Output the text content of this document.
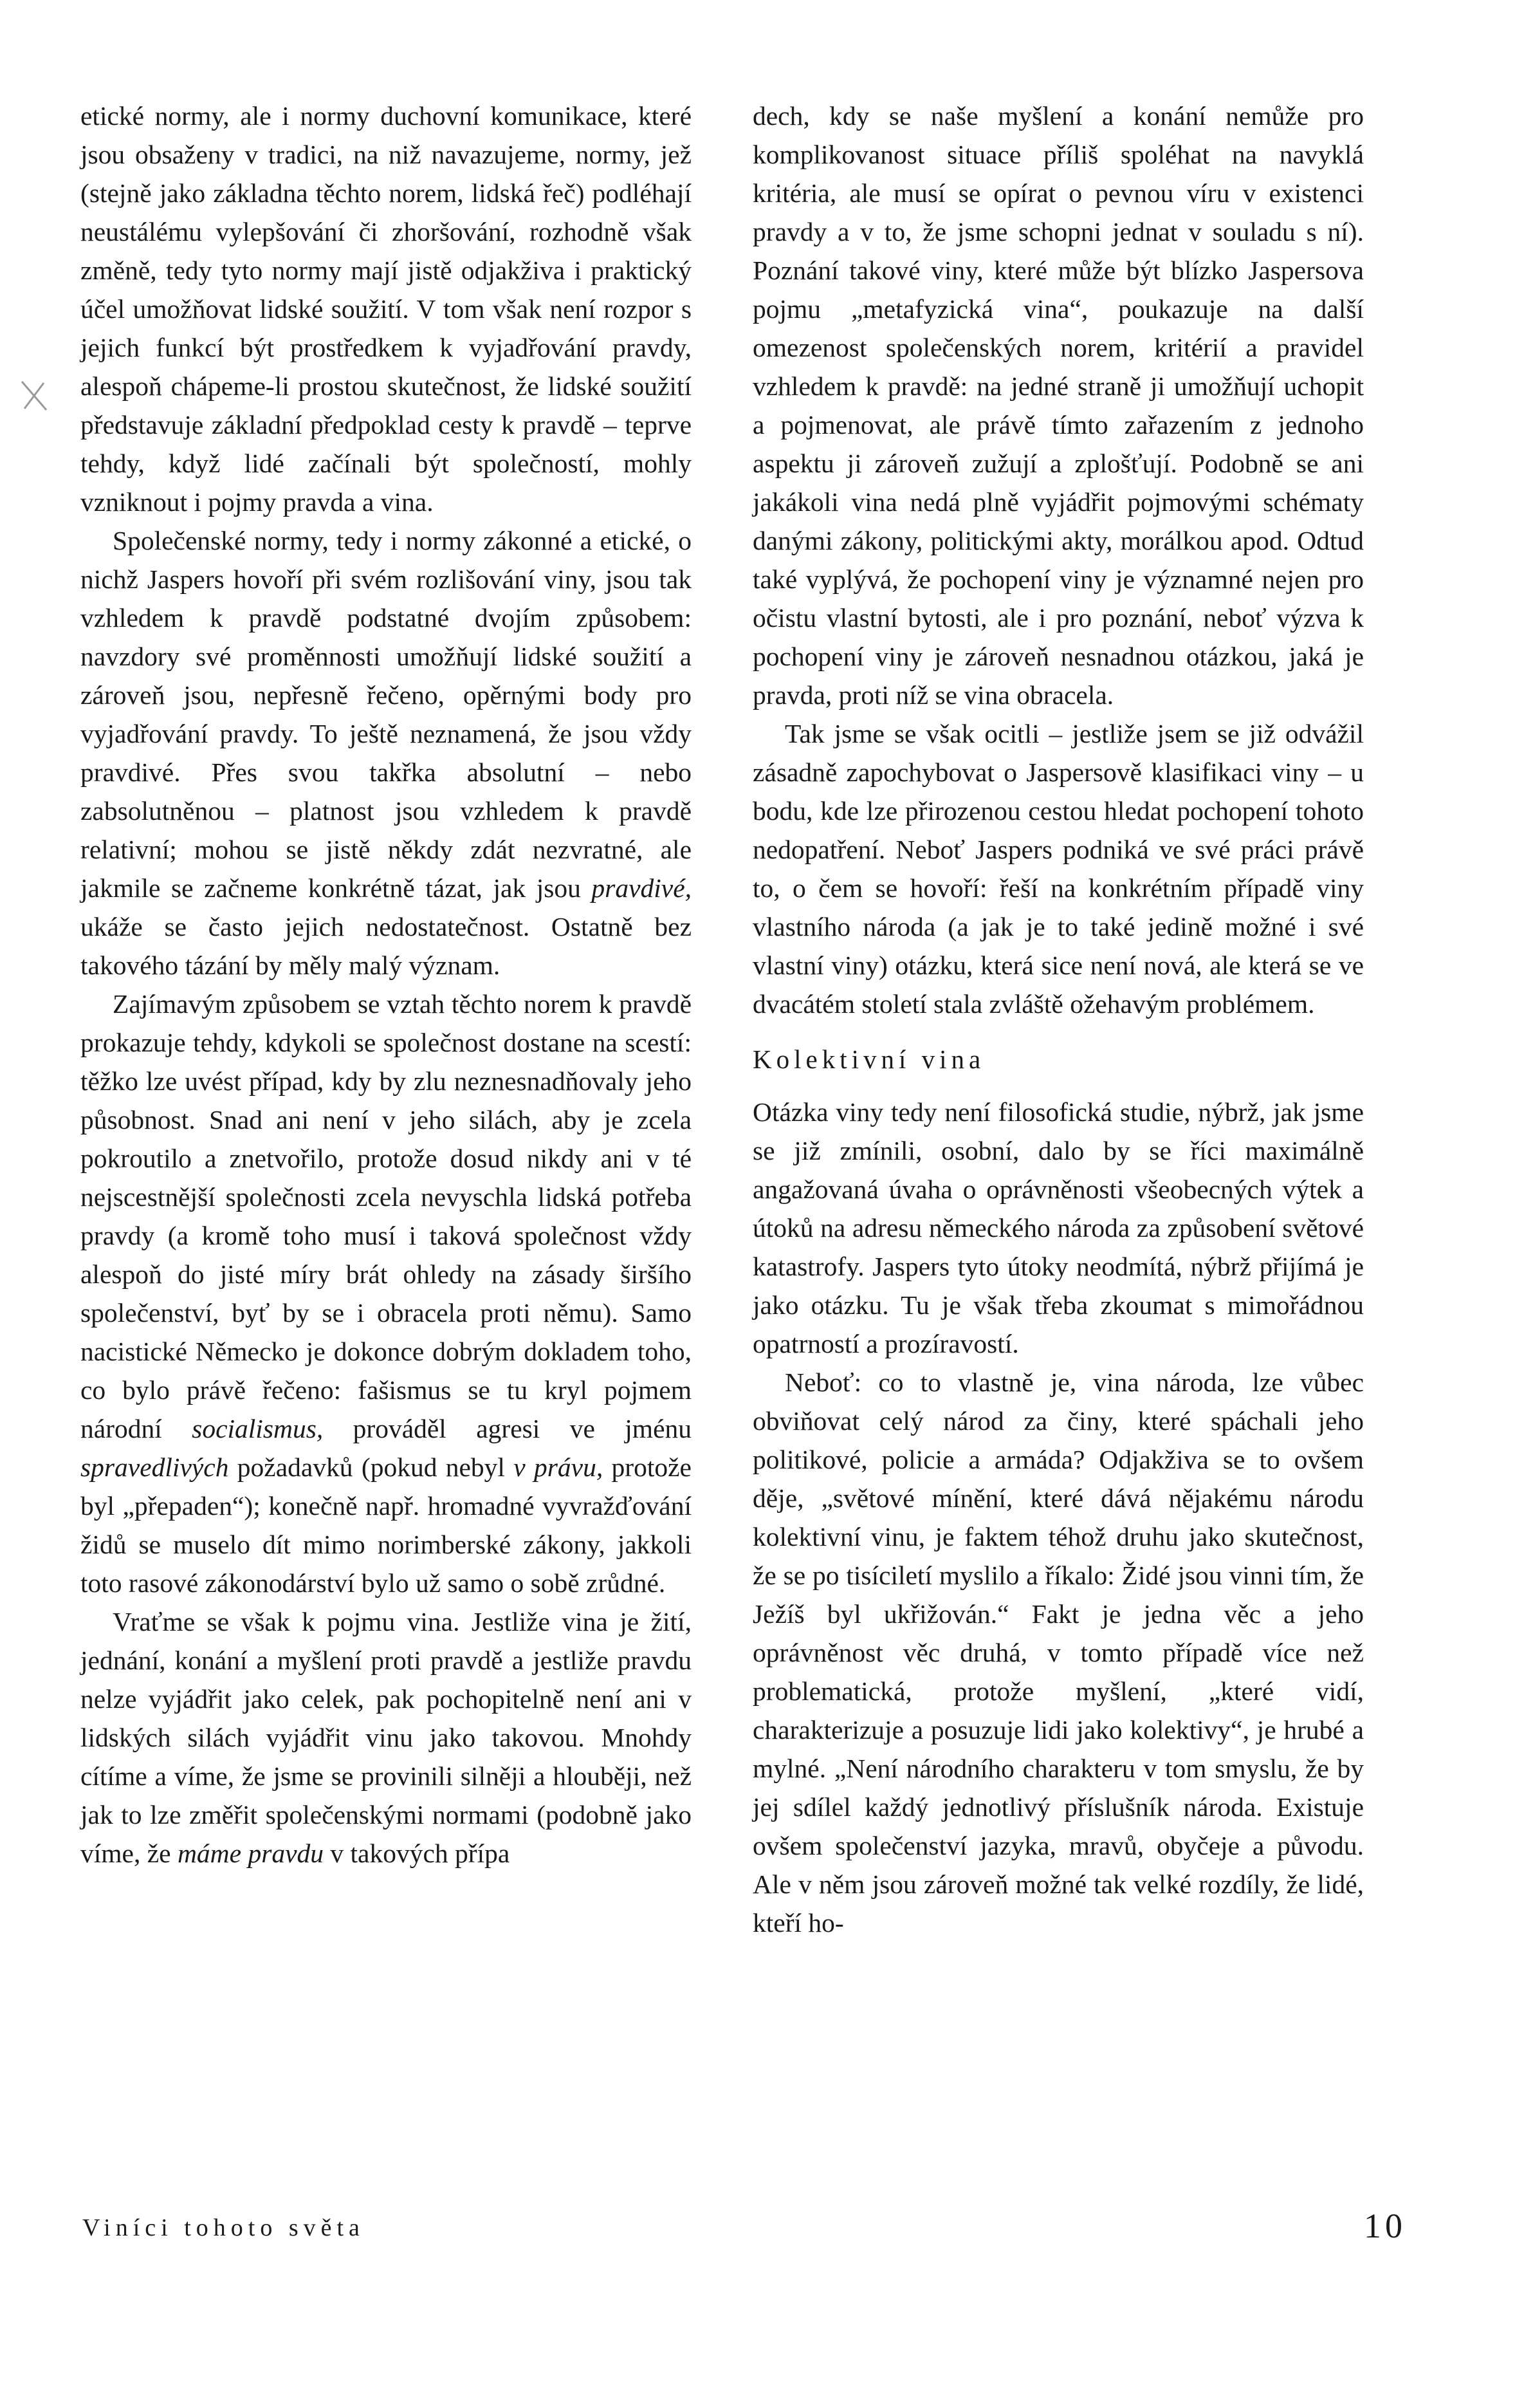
etické normy, ale i normy duchovní komunikace, které jsou obsaženy v tradici, na niž navazujeme, normy, jež (stejně jako základna těchto norem, lidská řeč) podléhají neustálému vylepšování či zhoršování, rozhodně však změně, tedy tyto normy mají jistě odjakživa i praktický účel umožňovat lidské soužití. V tom však není rozpor s jejich funkcí být prostředkem k vyjadřování pravdy, alespoň chápeme-li prostou skutečnost, že lidské soužití představuje základní předpoklad cesty k pravdě – teprve tehdy, když lidé začínali být společností, mohly vzniknout i pojmy pravda a vina.

Společenské normy, tedy i normy zákonné a etické, o nichž Jaspers hovoří při svém rozlišování viny, jsou tak vzhledem k pravdě podstatné dvojím způsobem: navzdory své proměnnosti umožňují lidské soužití a zároveň jsou, nepřesně řečeno, opěrnými body pro vyjadřování pravdy. To ještě neznamená, že jsou vždy pravdivé. Přes svou takřka absolutní – nebo zabsolutněnou – platnost jsou vzhledem k pravdě relativní; mohou se jistě někdy zdát nezvratné, ale jakmile se začneme konkrétně tázat, jak jsou pravdivé, ukáže se často jejich nedostatečnost. Ostatně bez takového tázání by měly malý význam.

Zajímavým způsobem se vztah těchto norem k pravdě prokazuje tehdy, kdykoli se společnost dostane na scestí: těžko lze uvést případ, kdy by zlu neznesnadňovaly jeho působnost. Snad ani není v jeho silách, aby je zcela pokroutilo a znetvořilo, protože dosud nikdy ani v té nejscestnější společnosti zcela nevyschla lidská potřeba pravdy (a kromě toho musí i taková společnost vždy alespoň do jisté míry brát ohledy na zásady širšího společenství, byť by se i obracela proti němu). Samo nacistické Německo je dokonce dobrým dokladem toho, co bylo právě řečeno: fašismus se tu kryl pojmem národní socialismus, prováděl agresi ve jménu spravedlivých požadavků (pokud nebyl v právu, protože byl „přepaden“); konečně např. hromadné vyvražďování židů se muselo dít mimo norimberské zákony, jakkoli toto rasové zákonodárství bylo už samo o sobě zrůdné.

Vraťme se však k pojmu vina. Jestliže vina je žití, jednání, konání a myšlení proti pravdě a jestliže pravdu nelze vyjádřit jako celek, pak pochopitelně není ani v lidských silách vyjádřit vinu jako takovou. Mnohdy cítíme a víme, že jsme se provinili silněji a hlouběji, než jak to lze změřit společenskými normami (podobně jako víme, že máme pravdu v takových přípa

dech, kdy se naše myšlení a konání nemůže pro komplikovanost situace příliš spoléhat na navyklá kritéria, ale musí se opírat o pevnou víru v existenci pravdy a v to, že jsme schopni jednat v souladu s ní). Poznání takové viny, které může být blízko Jaspersova pojmu „metafyzická vina“, poukazuje na další omezenost společenských norem, kritérií a pravidel vzhledem k pravdě: na jedné straně ji umožňují uchopit a pojmenovat, ale právě tímto zařazením z jednoho aspektu ji zároveň zužují a zplošťují. Podobně se ani jakákoli vina nedá plně vyjádřit pojmovými schématy danými zákony, politickými akty, morálkou apod. Odtud také vyplývá, že pochopení viny je významné nejen pro očistu vlastní bytosti, ale i pro poznání, neboť výzva k pochopení viny je zároveň nesnadnou otázkou, jaká je pravda, proti níž se vina obracela.

Tak jsme se však ocitli – jestliže jsem se již odvážil zásadně zapochybovat o Jaspersově klasifikaci viny – u bodu, kde lze přirozenou cestou hledat pochopení tohoto nedopatření. Neboť Jaspers podniká ve své práci právě to, o čem se hovoří: řeší na konkrétním případě viny vlastního národa (a jak je to také jedině možné i své vlastní viny) otázku, která sice není nová, ale která se ve dvacátém století stala zvláště ožehavým problémem.

Kolektivní vina

Otázka viny tedy není filosofická studie, nýbrž, jak jsme se již zmínili, osobní, dalo by se říci maximálně angažovaná úvaha o oprávněnosti všeobecných výtek a útoků na adresu německého národa za způsobení světové katastrofy. Jaspers tyto útoky neodmítá, nýbrž přijímá je jako otázku. Tu je však třeba zkoumat s mimořádnou opatrností a prozíravostí.

Neboť: co to vlastně je, vina národa, lze vůbec obviňovat celý národ za činy, které spáchali jeho politikové, policie a armáda? Odjakživa se to ovšem děje, „světové mínění, které dává nějakému národu kolektivní vinu, je faktem téhož druhu jako skutečnost, že se po tisíciletí myslilo a říkalo: Židé jsou vinni tím, že Ježíš byl ukřižován.“ Fakt je jedna věc a jeho oprávněnost věc druhá, v tomto případě více než problematická, protože myšlení, „které vidí, charakterizuje a posuzuje lidi jako kolektivy“, je hrubé a mylné. „Není národního charakteru v tom smyslu, že by jej sdílel každý jednotlivý příslušník národa. Existuje ovšem společenství jazyka, mravů, obyčeje a původu. Ale v něm jsou zároveň možné tak velké rozdíly, že lidé, kteří ho-

Viníci tohoto světa	10
